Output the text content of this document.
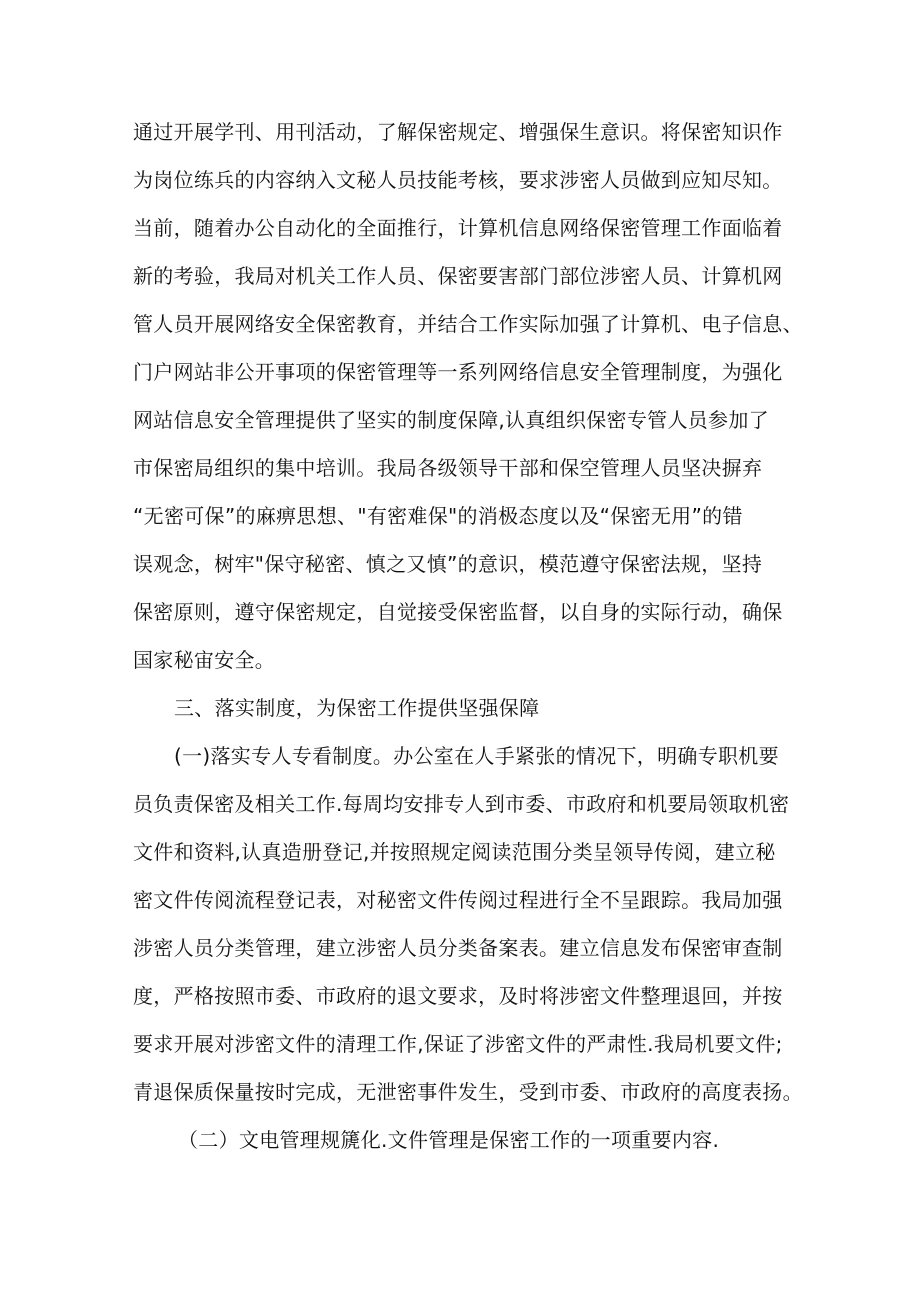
通过开展学刊、用刊活动，了解保密规定、增强保生意识。将保密知识作
为岗位练兵的内容纳入文秘人员技能考核，要求涉密人员做到应知尽知。
当前，随着办公自动化的全面推行，计算机信息网络保密管理工作面临着
新的考验，我局对机关工作人员、保密要害部门部位涉密人员、计算机网
管人员开展网络安全保密教育，并结合工作实际加强了计算机、电子信息、
门户网站非公开事项的保密管理等一系列网络信息安全管理制度，为强化
网站信息安全管理提供了坚实的制度保障,认真组织保密专管人员参加了
市保密局组织的集中培训。我局各级领导干部和保空管理人员坚决摒弃
“无密可保”的麻痹思想、"有密难保"的消极态度以及“保密无用”的错
误观念，树牢"保守秘密、慎之又慎”的意识，模范遵守保密法规，坚持
保密原则，遵守保密规定，自觉接受保密监督，以自身的实际行动，确保
国家秘宙安全。
三、落实制度，为保密工作提供坚强保障
(一)落实专人专看制度。办公室在人手紧张的情况下，明确专职机要
员负责保密及相关工作.每周均安排专人到市委、市政府和机要局领取机密
文件和资料,认真造册登记,并按照规定阅读范围分类呈领导传阅，建立秘
密文件传阅流程登记表，对秘密文件传阅过程进行全不呈跟踪。我局加强
涉密人员分类管理，建立涉密人员分类备案表。建立信息发布保密审查制
度，严格按照市委、市政府的退文要求，及时将涉密文件整理退回，并按
要求开展对涉密文件的清理工作,保证了涉密文件的严肃性.我局机要文件;
青退保质保量按时完成，无泄密事件发生，受到市委、市政府的高度表扬。
（二）文电管理规篪化.文件管理是保密工作的一项重要内容.
